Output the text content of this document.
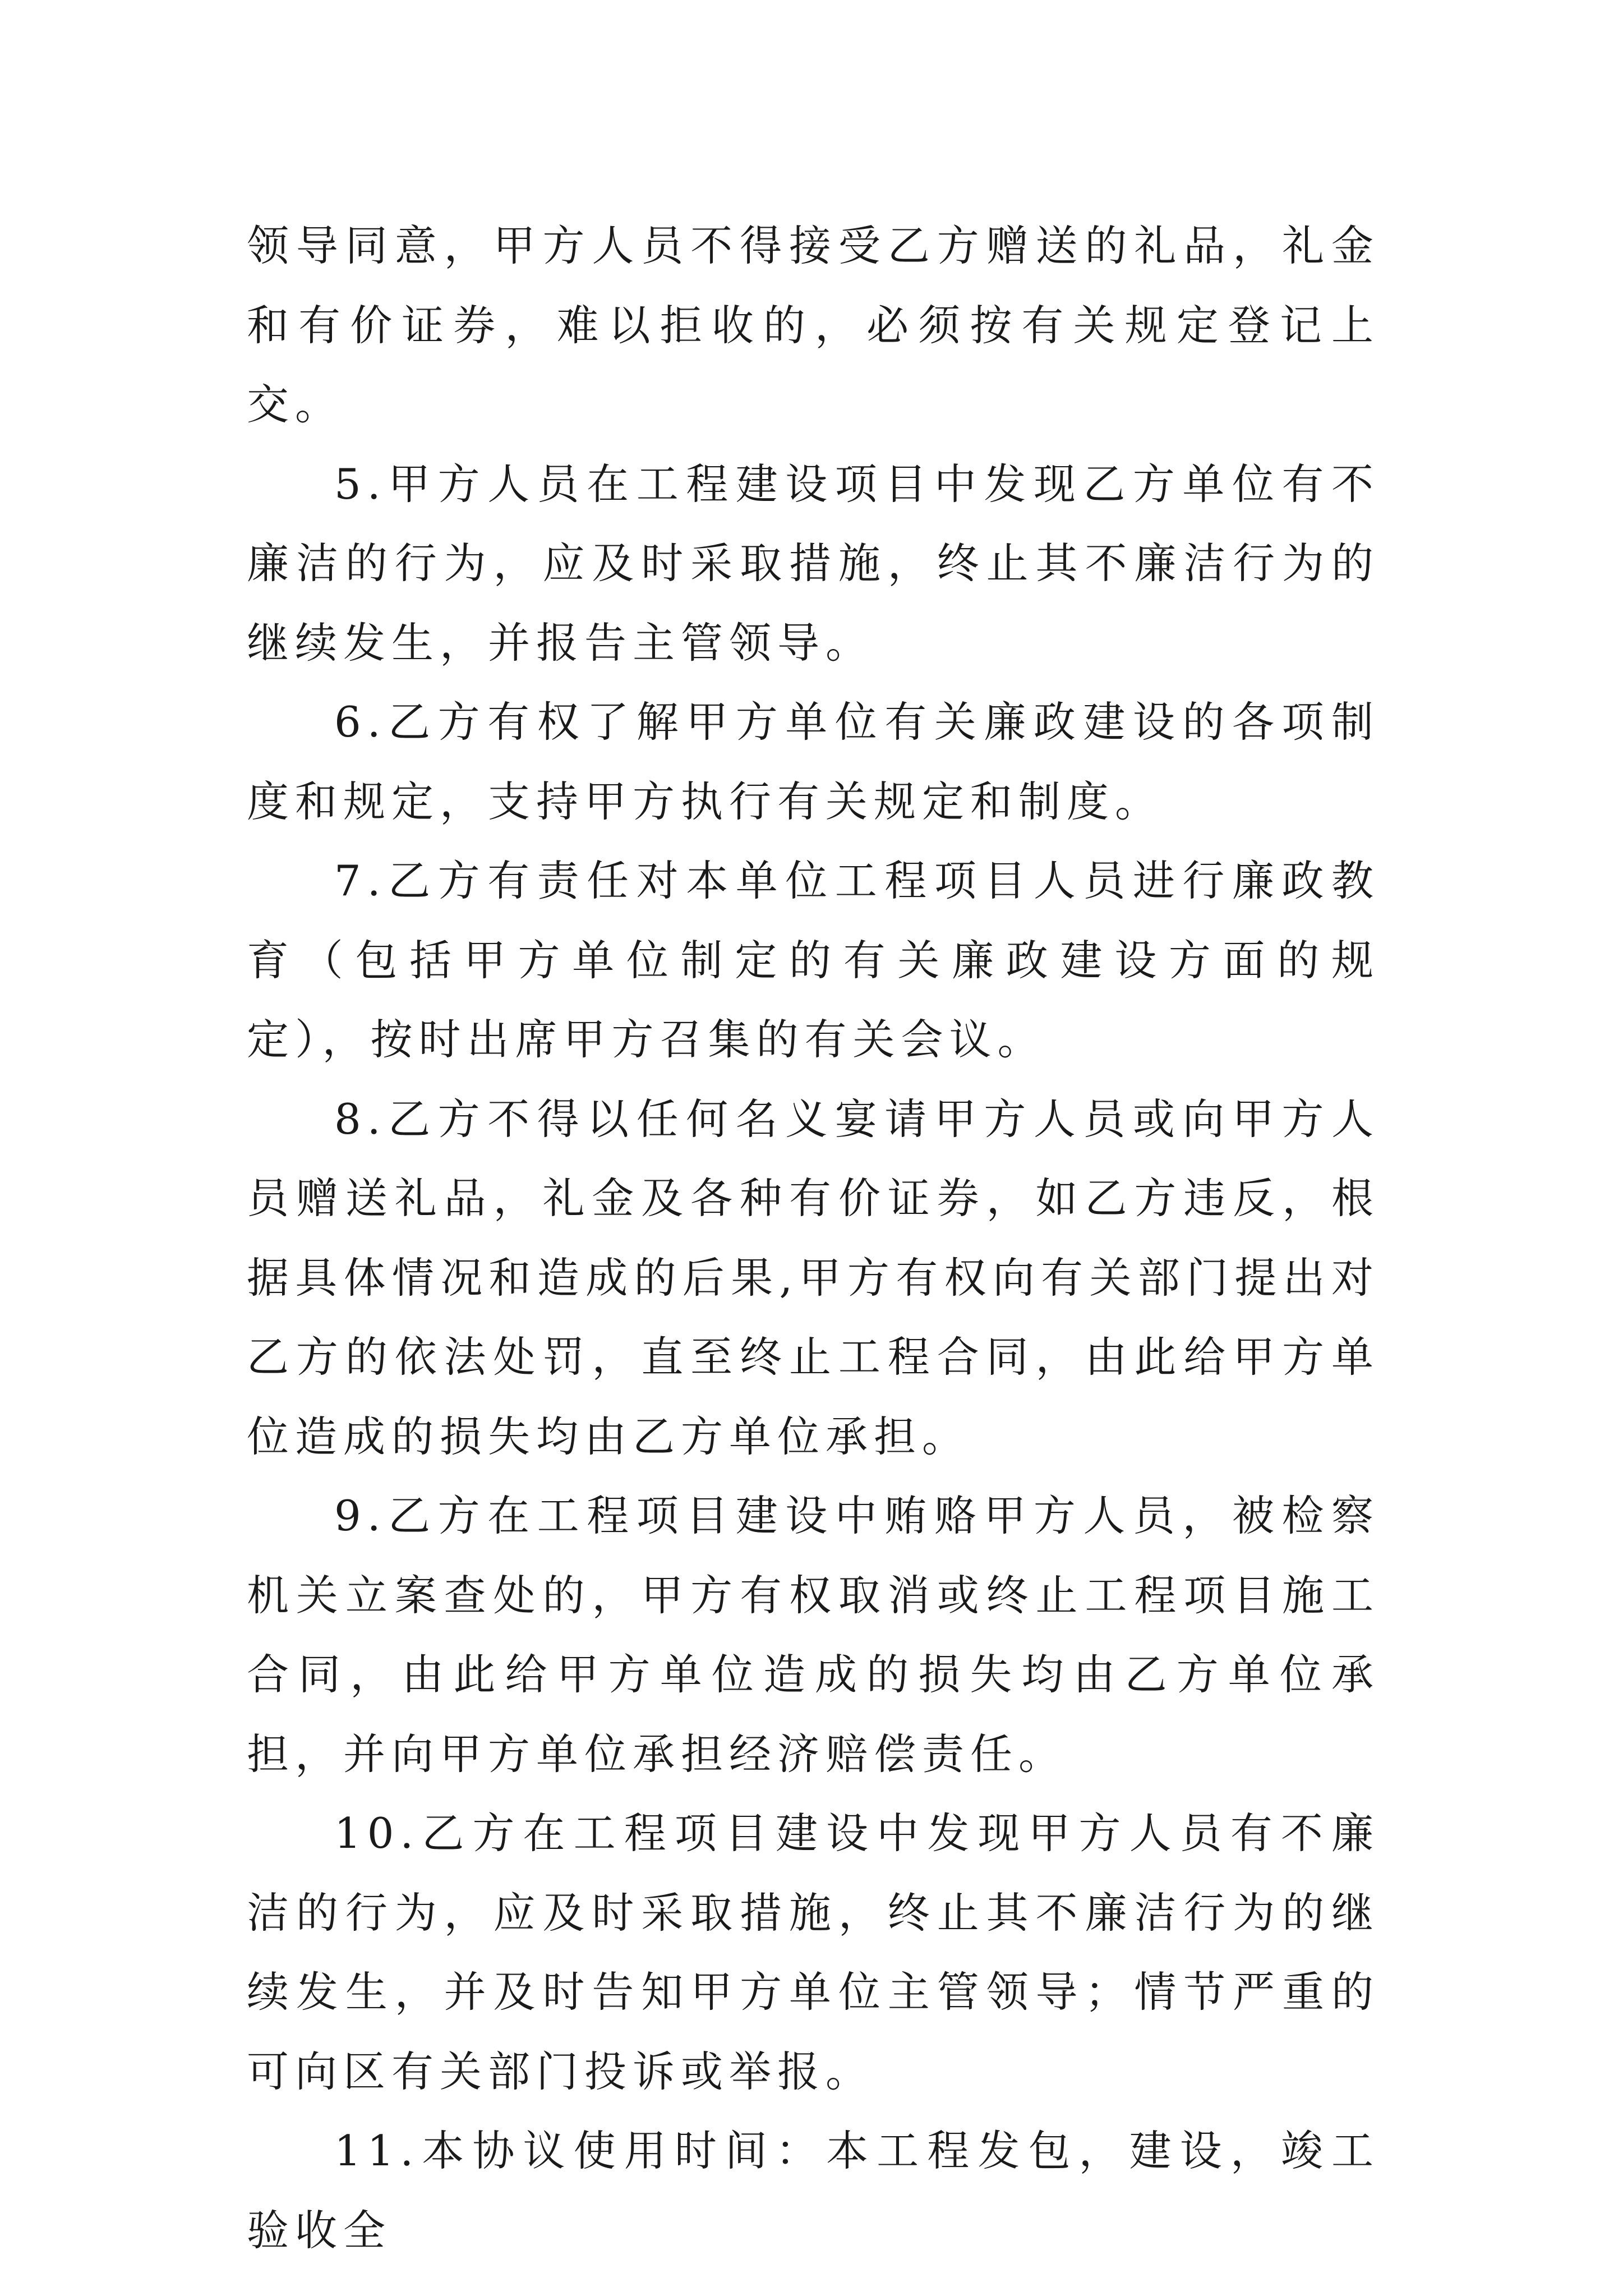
领导同意，甲方人员不得接受乙方赠送的礼品，礼金和有价证券，难以拒收的，必须按有关规定登记上交。

5.甲方人员在工程建设项目中发现乙方单位有不廉洁的行为，应及时采取措施，终止其不廉洁行为的继续发生，并报告主管领导。

6.乙方有权了解甲方单位有关廉政建设的各项制度和规定，支持甲方执行有关规定和制度。

7.乙方有责任对本单位工程项目人员进行廉政教育（包括甲方单位制定的有关廉政建设方面的规定），按时出席甲方召集的有关会议。

8.乙方不得以任何名义宴请甲方人员或向甲方人员赠送礼品，礼金及各种有价证券，如乙方违反，根据具体情况和造成的后果,甲方有权向有关部门提出对乙方的依法处罚，直至终止工程合同，由此给甲方单位造成的损失均由乙方单位承担。

9.乙方在工程项目建设中贿赂甲方人员，被检察机关立案查处的，甲方有权取消或终止工程项目施工合同，由此给甲方单位造成的损失均由乙方单位承担，并向甲方单位承担经济赔偿责任。

10.乙方在工程项目建设中发现甲方人员有不廉洁的行为，应及时采取措施，终止其不廉洁行为的继续发生，并及时告知甲方单位主管领导；情节严重的可向区有关部门投诉或举报。

11.本协议使用时间：本工程发包，建设，竣工验收全
